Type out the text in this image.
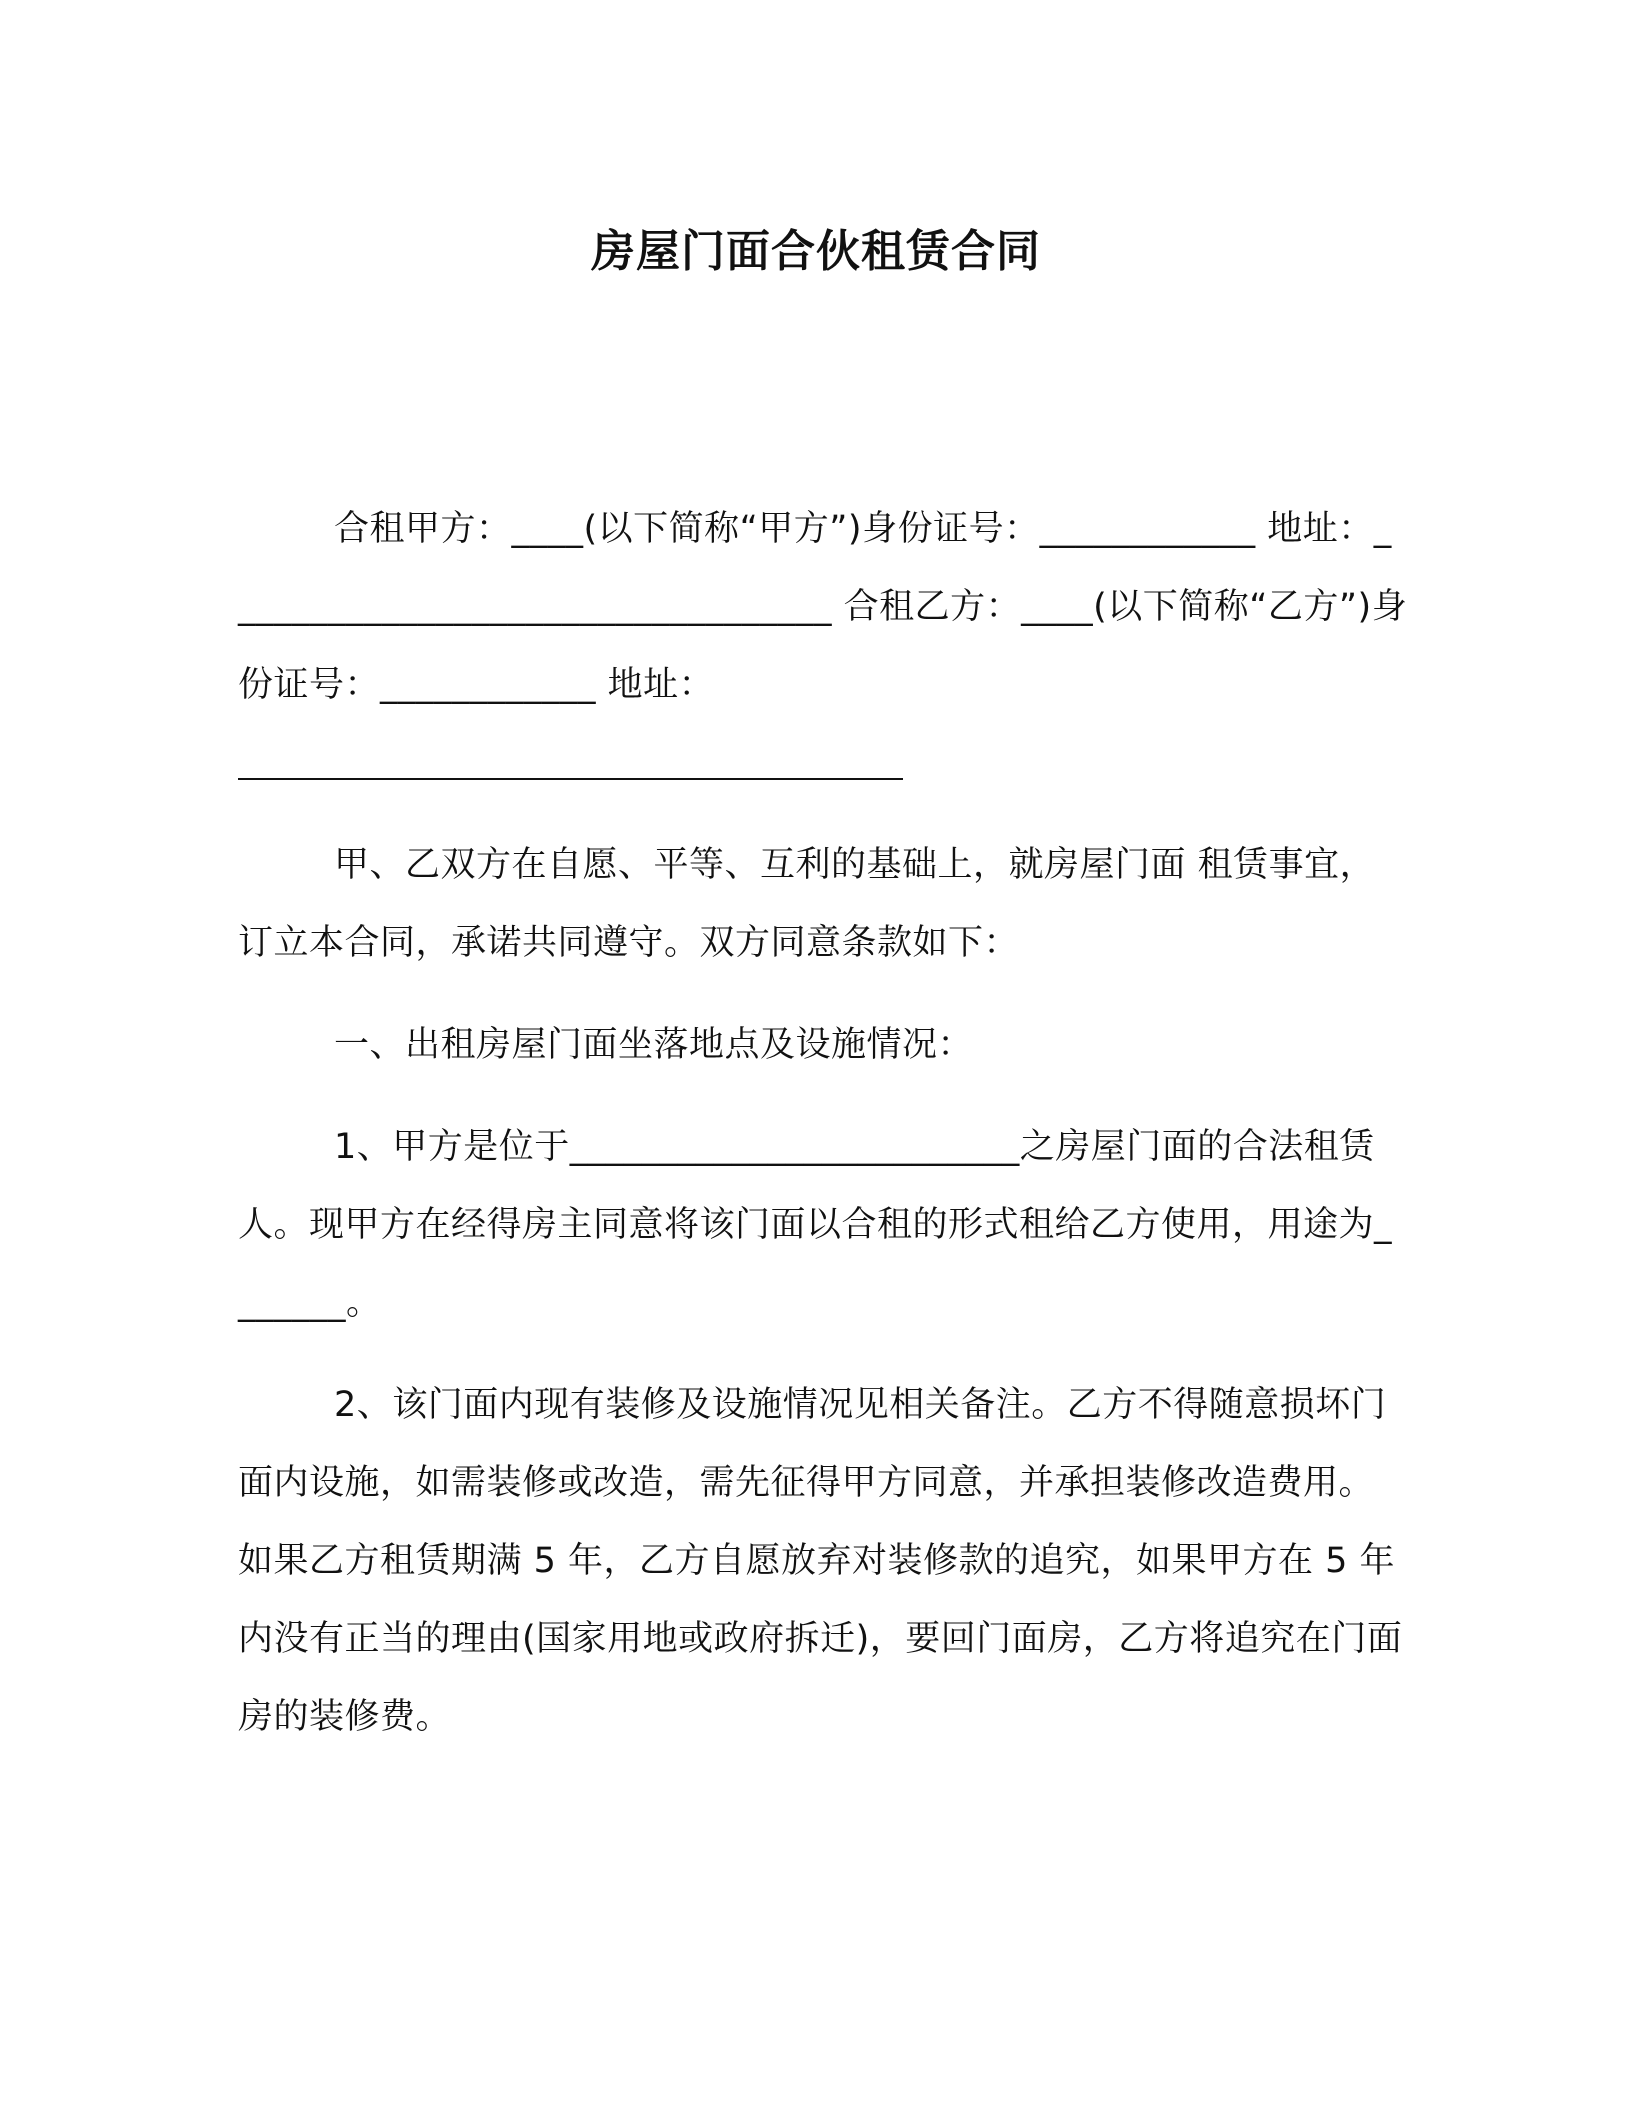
房屋门面合伙租赁合同

合租甲方：____(以下简称“甲方”)身份证号：____________ 地址：__________________________________ 合租乙方：____(以下简称“乙方”)身份证号：____________ 地址：

甲、乙双方在自愿、平等、互利的基础上，就房屋门面 租赁事宜，订立本合同，承诺共同遵守。双方同意条款如下：

一、出租房屋门面坐落地点及设施情况：

1、甲方是位于_________________________之房屋门面的合法租赁人。现甲方在经得房主同意将该门面以合租的形式租给乙方使用，用途为_______。

2、该门面内现有装修及设施情况见相关备注。乙方不得随意损坏门面内设施，如需装修或改造，需先征得甲方同意，并承担装修改造费用。如果乙方租赁期满 5 年，乙方自愿放弃对装修款的追究，如果甲方在 5 年内没有正当的理由(国家用地或政府拆迁)，要回门面房，乙方将追究在门面房的装修费。
